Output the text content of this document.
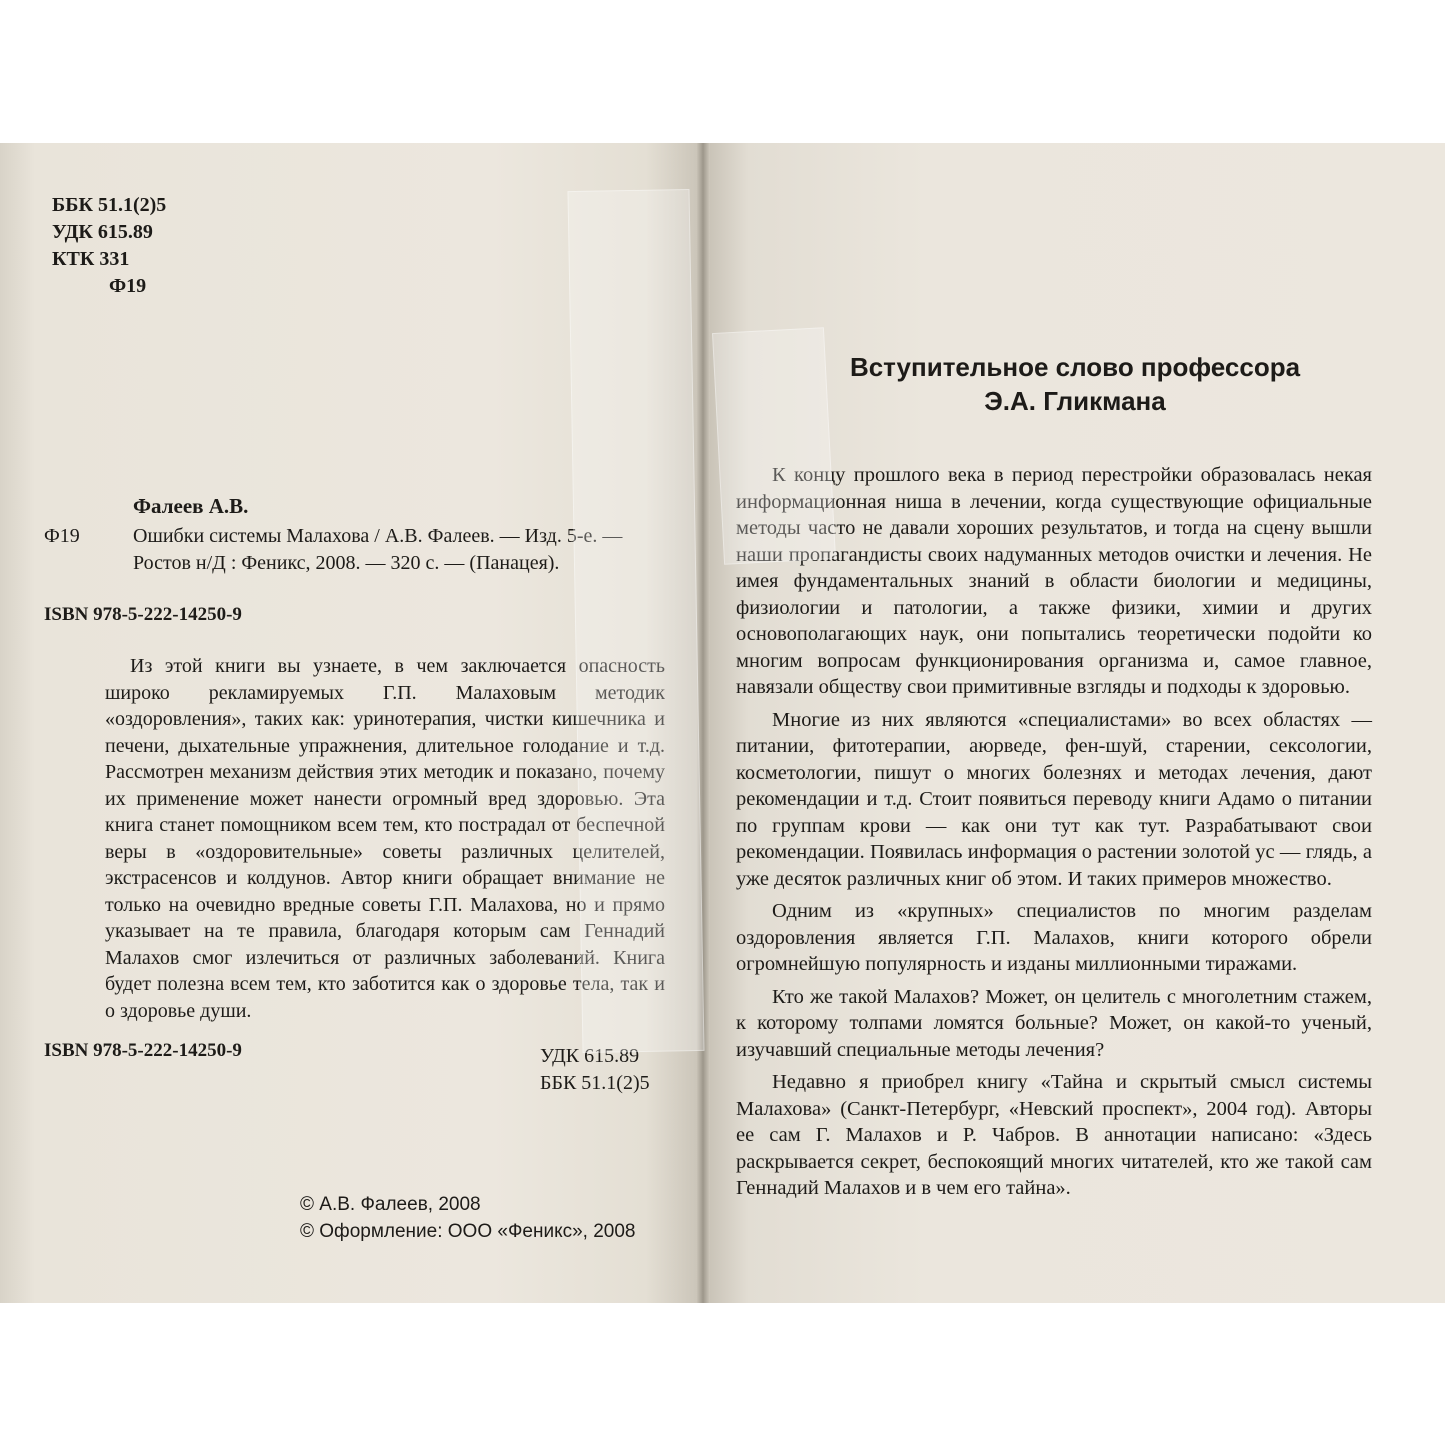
ББК 51.1(2)5
УДК 615.89
КТК 331
Ф19
Фалеев А.В.
Ф19	Ошибки системы Малахова / А.В. Фалеев. — Изд. 5-е. —
Ростов н/Д : Феникс, 2008. — 320 с. — (Панацея).
ISBN 978-5-222-14250-9

Из этой книги вы узнаете, в чем заключается опасность широко рекламируемых Г.П. Малаховым методик «оздоровления», таких как: уринотерапия, чистки кишечника и печени, дыхательные упражнения, длительное голодание и т.д. Рассмотрен механизм действия этих методик и показано, почему их применение может нанести огромный вред здоровью. Эта книга станет помощником всем тем, кто пострадал от беспечной веры в «оздоровительные» советы различных целителей, экстрасенсов и колдунов. Автор книги обращает внимание не только на очевидно вредные советы Г.П. Малахова, но и прямо указывает на те правила, благодаря которым сам Геннадий Малахов смог излечиться от различных заболеваний. Книга будет полезна всем тем, кто заботится как о здоровье тела, так и о здоровье души.

ISBN 978-5-222-14250-9	УДК 615.89
ББК 51.1(2)5
© А.В. Фалеев, 2008
© Оформление: ООО «Феникс», 2008
Вступительное слово профессора
Э.А. Гликмана

К концу прошлого века в период перестройки образовалась некая информационная ниша в лечении, когда существующие официальные методы часто не давали хороших результатов, и тогда на сцену вышли наши пропагандисты своих надуманных методов очистки и лечения. Не имея фундаментальных знаний в области биологии и медицины, физиологии и патологии, а также физики, химии и других основополагающих наук, они попытались теоретически подойти ко многим вопросам функционирования организма и, самое главное, навязали обществу свои примитивные взгляды и подходы к здоровью.

Многие из них являются «специалистами» во всех областях — питании, фитотерапии, аюрведе, фен-шуй, старении, сексологии, косметологии, пишут о многих болезнях и методах лечения, дают рекомендации и т.д. Стоит появиться переводу книги Адамо о питании по группам крови — как они тут как тут. Разрабатывают свои рекомендации. Появилась информация о растении золотой ус — глядь, а уже десяток различных книг об этом. И таких примеров множество.

Одним из «крупных» специалистов по многим разделам оздоровления является Г.П. Малахов, книги которого обрели огромнейшую популярность и изданы миллионными тиражами.

Кто же такой Малахов? Может, он целитель с многолетним стажем, к которому толпами ломятся больные? Может, он какой-то ученый, изучавший специальные методы лечения?

Недавно я приобрел книгу «Тайна и скрытый смысл системы Малахова» (Санкт-Петербург, «Невский проспект», 2004 год). Авторы ее сам Г. Малахов и Р. Чабров. В аннотации написано: «Здесь раскрывается секрет, беспокоящий многих читателей, кто же такой сам Геннадий Малахов и в чем его тайна».
